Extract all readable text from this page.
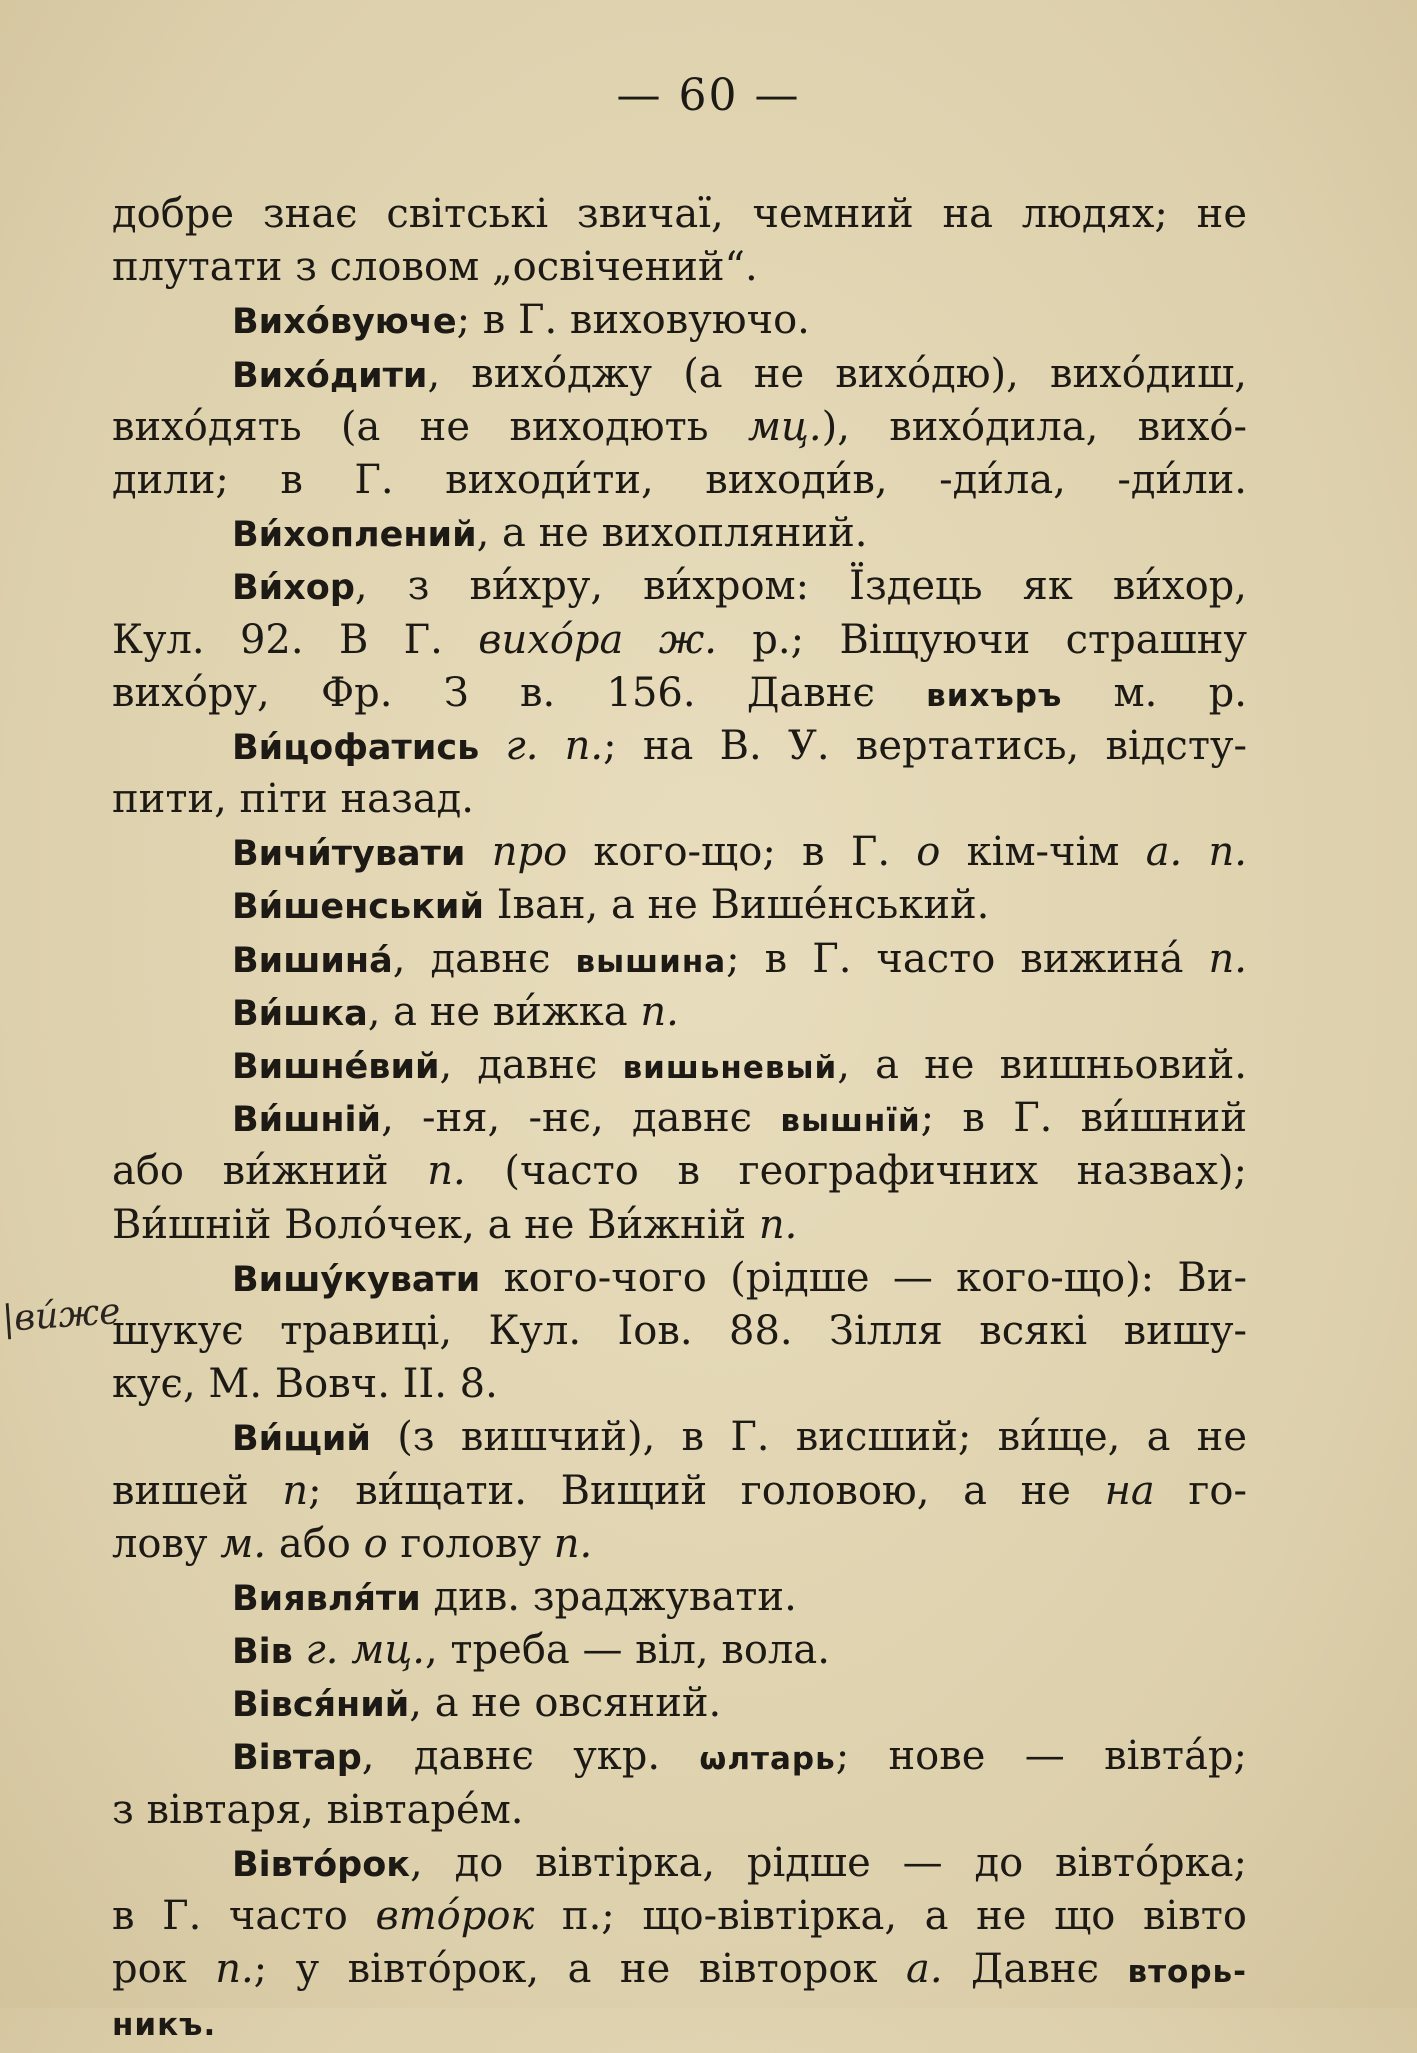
— 60 —
|ви́же
добре знає світські звичаї, чемний на людях; не
плутати з словом „освічений“.
Вихо́вуюче; в Г. виховуючо.
Вихо́дити, вихо́джу (а не вихо́дю), вихо́диш,
вихо́дять (а не виходють мц.), вихо́дила, вихо́-
дили; в Г. виходи́ти, виходи́в, -ди́ла, -ди́ли.
Ви́хоплений, а не вихопляний.
Ви́хор, з ви́хру, ви́хром: Їздець як ви́хор,
Кул. 92. В Г. вихо́ра ж. р.; Віщуючи страшну
вихо́ру, Фр. З в. 156. Давнє вихъръ м. р.
Ви́цофатись г. п.; на В. У. вертатись, відсту-
пити, піти назад.
Вичи́тувати про кого-що; в Г. о кім-чім а. п.
Ви́шенський Іван, а не Више́нський.
Вишина́, давнє вышина; в Г. часто вижина́ п.
Ви́шка, а не ви́жка п.
Вишне́вий, давнє вишьневый, а не вишньовий.
Ви́шній, -ня, -нє, давнє вышнїй; в Г. ви́шний
або ви́жний п. (часто в географичних назвах);
Ви́шній Воло́чек, а не Ви́жній п.
Вишу́кувати кого-чого (рідше — кого-що): Ви-
шукує травиці, Кул. Іов. 88. Зілля всякі вишу-
кує, М. Вовч. II. 8.
Ви́щий (з вишчий), в Г. висший; ви́ще, а не
вишей п; ви́щати. Вищий головою, а не на го-
лову м. або о голову п.
Виявля́ти див. зраджувати.
Вів г. мц., треба — віл, вола.
Вівся́ний, а не овсяний.
Вівтар, давнє укр. ѡлтарь; нове — вівта́р;
з вівтаря, вівтаре́м.
Вівто́рок, до вівтірка, рідше — до вівто́рка;
в Г. часто вто́рок п.; що-вівтірка, а не що вівто
рок п.; у вівто́рок, а не вівторок а. Давнє вторь-
никъ.
